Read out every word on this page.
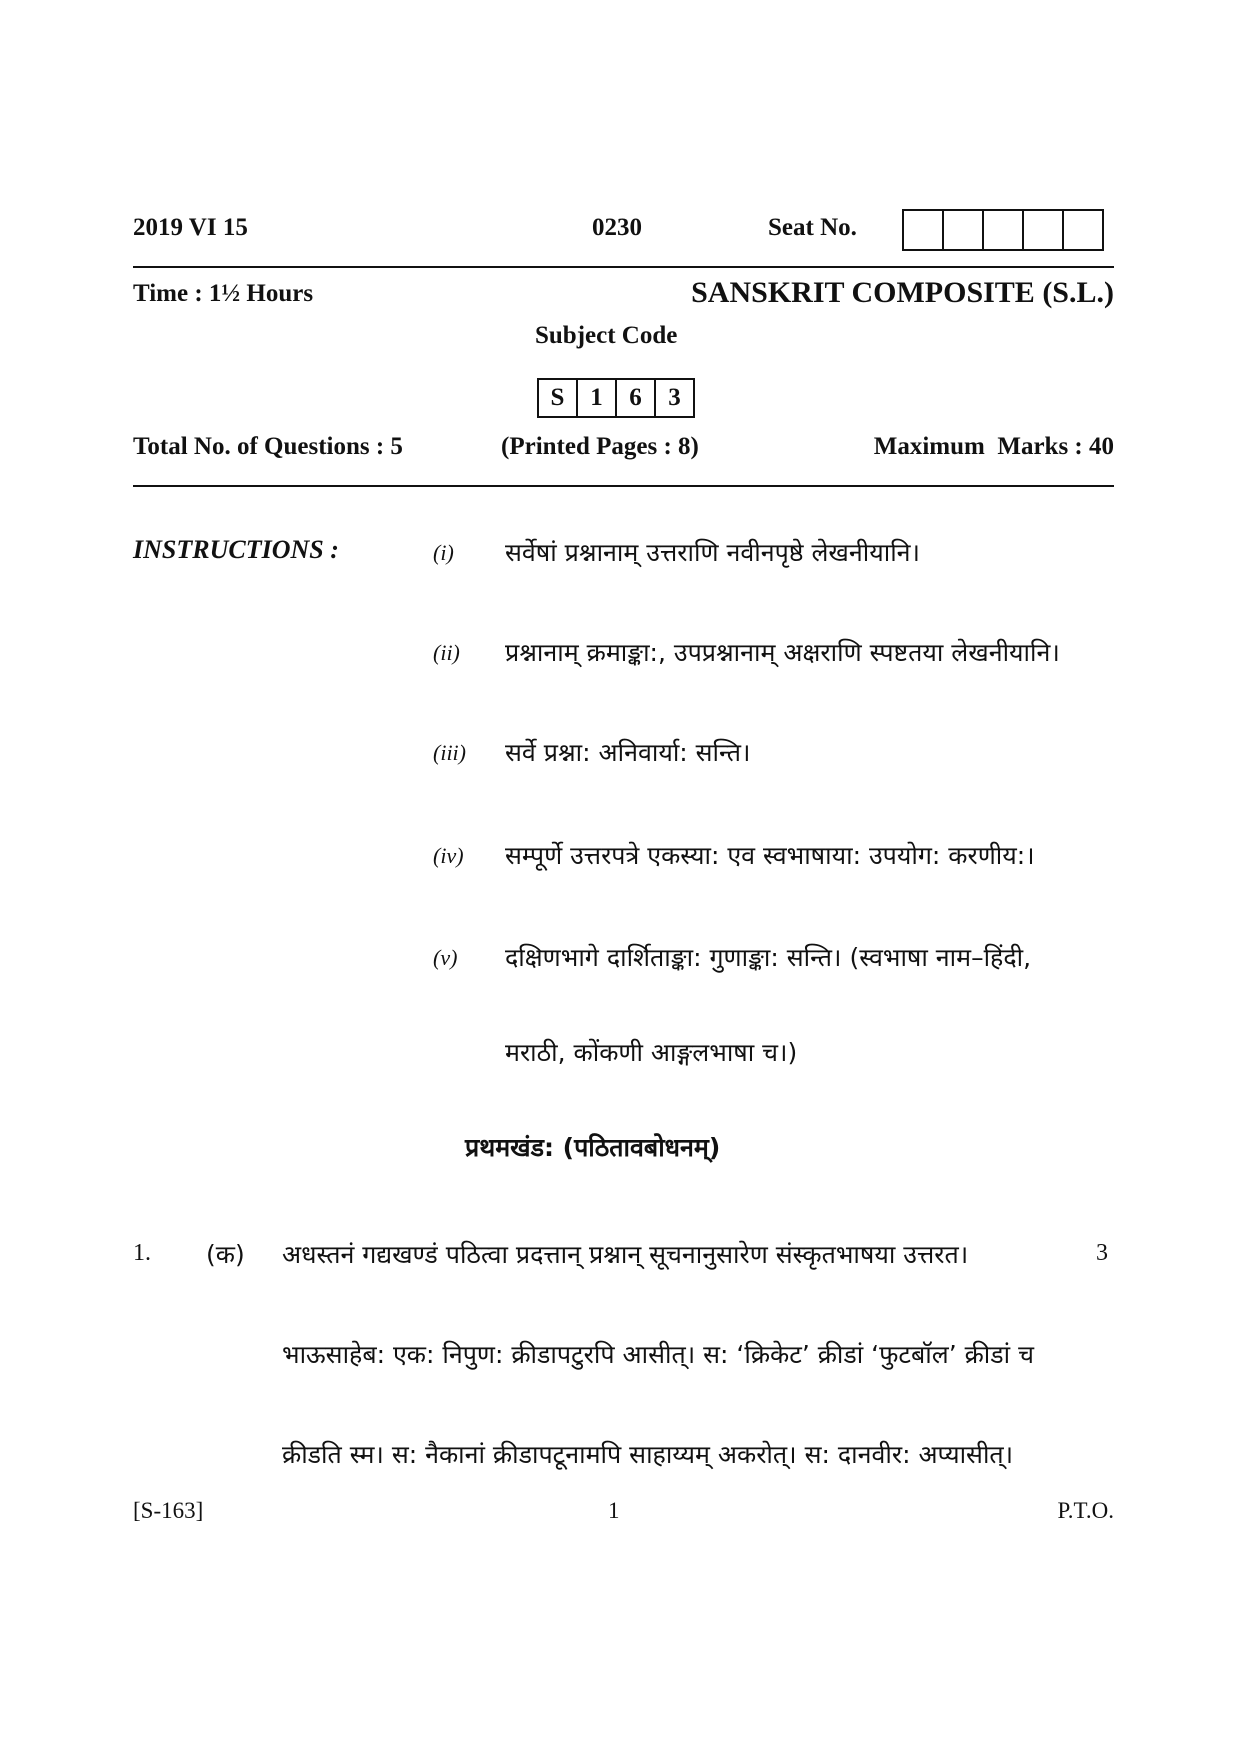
2019 VI 15	0230	Seat No.
Time : 1½ Hours	SANSKRIT COMPOSITE (S.L.)
Subject Code
S	1	6	3
Total No. of Questions : 5	(Printed Pages : 8)	Maximum  Marks : 40
INSTRUCTIONS :	(i) सर्वेषां प्रश्नानाम् उत्तराणि नवीनपृष्ठे लेखनीयानि।
(ii) प्रश्नानाम् क्रमाङ्का:, उपप्रश्नानाम् अक्षराणि स्पष्टतया लेखनीयानि।
(iii) सर्वे प्रश्ना: अनिवार्या: सन्ति।
(iv) सम्पूर्णे उत्तरपत्रे एकस्या: एव स्वभाषाया: उपयोग: करणीय:।
(v) दक्षिणभागे दार्शिताङ्का: गुणाङ्का: सन्ति। (स्वभाषा नाम–हिंदी,
मराठी, कोंकणी आङ्गलभाषा च।)
प्रथमखंड: (पठितावबोधनम्)
1. (क) अधस्तनं गद्यखण्डं पठित्वा प्रदत्तान् प्रश्नान् सूचनानुसारेण संस्कृतभाषया उत्तरत।	3
भाऊसाहेब: एक: निपुण: क्रीडापटुरपि आसीत्। स: ‘क्रिकेट’ क्रीडां ‘फुटबॉल’ क्रीडां च
क्रीडति स्म। स: नैकानां क्रीडापटूनामपि साहाय्यम् अकरोत्। स: दानवीर: अप्यासीत्।
[S-163]	1	P.T.O.
